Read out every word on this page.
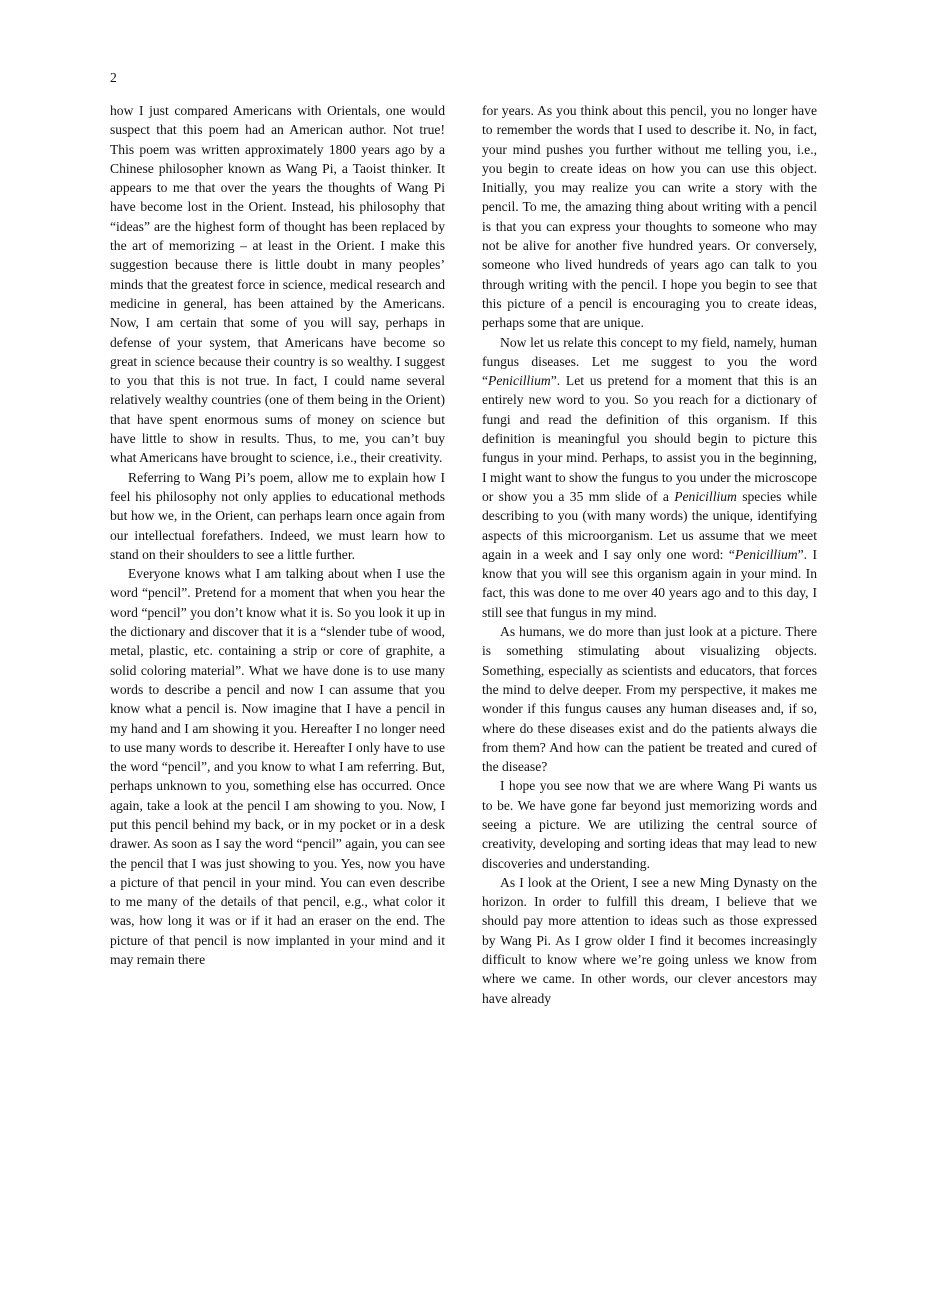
2

how I just compared Americans with Orientals, one would suspect that this poem had an American author. Not true! This poem was written approximately 1800 years ago by a Chinese philosopher known as Wang Pi, a Taoist thinker. It appears to me that over the years the thoughts of Wang Pi have become lost in the Orient. Instead, his philosophy that “ideas” are the highest form of thought has been replaced by the art of memorizing – at least in the Orient. I make this suggestion because there is little doubt in many peoples’ minds that the greatest force in science, medical research and medicine in general, has been attained by the Americans. Now, I am certain that some of you will say, perhaps in defense of your system, that Americans have become so great in science because their country is so wealthy. I suggest to you that this is not true. In fact, I could name several relatively wealthy countries (one of them being in the Orient) that have spent enormous sums of money on science but have little to show in results. Thus, to me, you can’t buy what Americans have brought to science, i.e., their creativity.

Referring to Wang Pi’s poem, allow me to explain how I feel his philosophy not only applies to educational methods but how we, in the Orient, can perhaps learn once again from our intellectual forefathers. Indeed, we must learn how to stand on their shoulders to see a little further.

Everyone knows what I am talking about when I use the word “pencil”. Pretend for a moment that when you hear the word “pencil” you don’t know what it is. So you look it up in the dictionary and discover that it is a “slender tube of wood, metal, plastic, etc. containing a strip or core of graphite, a solid coloring material”. What we have done is to use many words to describe a pencil and now I can assume that you know what a pencil is. Now imagine that I have a pencil in my hand and I am showing it you. Hereafter I no longer need to use many words to describe it. Hereafter I only have to use the word “pencil”, and you know to what I am referring. But, perhaps unknown to you, something else has occurred. Once again, take a look at the pencil I am showing to you. Now, I put this pencil behind my back, or in my pocket or in a desk drawer. As soon as I say the word “pencil” again, you can see the pencil that I was just showing to you. Yes, now you have a picture of that pencil in your mind. You can even describe to me many of the details of that pencil, e.g., what color it was, how long it was or if it had an eraser on the end. The picture of that pencil is now implanted in your mind and it may remain there

for years. As you think about this pencil, you no longer have to remember the words that I used to describe it. No, in fact, your mind pushes you further without me telling you, i.e., you begin to create ideas on how you can use this object. Initially, you may realize you can write a story with the pencil. To me, the amazing thing about writing with a pencil is that you can express your thoughts to someone who may not be alive for another five hundred years. Or conversely, someone who lived hundreds of years ago can talk to you through writing with the pencil. I hope you begin to see that this picture of a pencil is encouraging you to create ideas, perhaps some that are unique.

Now let us relate this concept to my field, namely, human fungus diseases. Let me suggest to you the word “Penicillium”. Let us pretend for a moment that this is an entirely new word to you. So you reach for a dictionary of fungi and read the definition of this organism. If this definition is meaningful you should begin to picture this fungus in your mind. Perhaps, to assist you in the beginning, I might want to show the fungus to you under the microscope or show you a 35 mm slide of a Penicillium species while describing to you (with many words) the unique, identifying aspects of this microorganism. Let us assume that we meet again in a week and I say only one word: “Penicillium”. I know that you will see this organism again in your mind. In fact, this was done to me over 40 years ago and to this day, I still see that fungus in my mind.

As humans, we do more than just look at a picture. There is something stimulating about visualizing objects. Something, especially as scientists and educators, that forces the mind to delve deeper. From my perspective, it makes me wonder if this fungus causes any human diseases and, if so, where do these diseases exist and do the patients always die from them? And how can the patient be treated and cured of the disease?

I hope you see now that we are where Wang Pi wants us to be. We have gone far beyond just memorizing words and seeing a picture. We are utilizing the central source of creativity, developing and sorting ideas that may lead to new discoveries and understanding.

As I look at the Orient, I see a new Ming Dynasty on the horizon. In order to fulfill this dream, I believe that we should pay more attention to ideas such as those expressed by Wang Pi. As I grow older I find it becomes increasingly difficult to know where we’re going unless we know from where we came. In other words, our clever ancestors may have already
